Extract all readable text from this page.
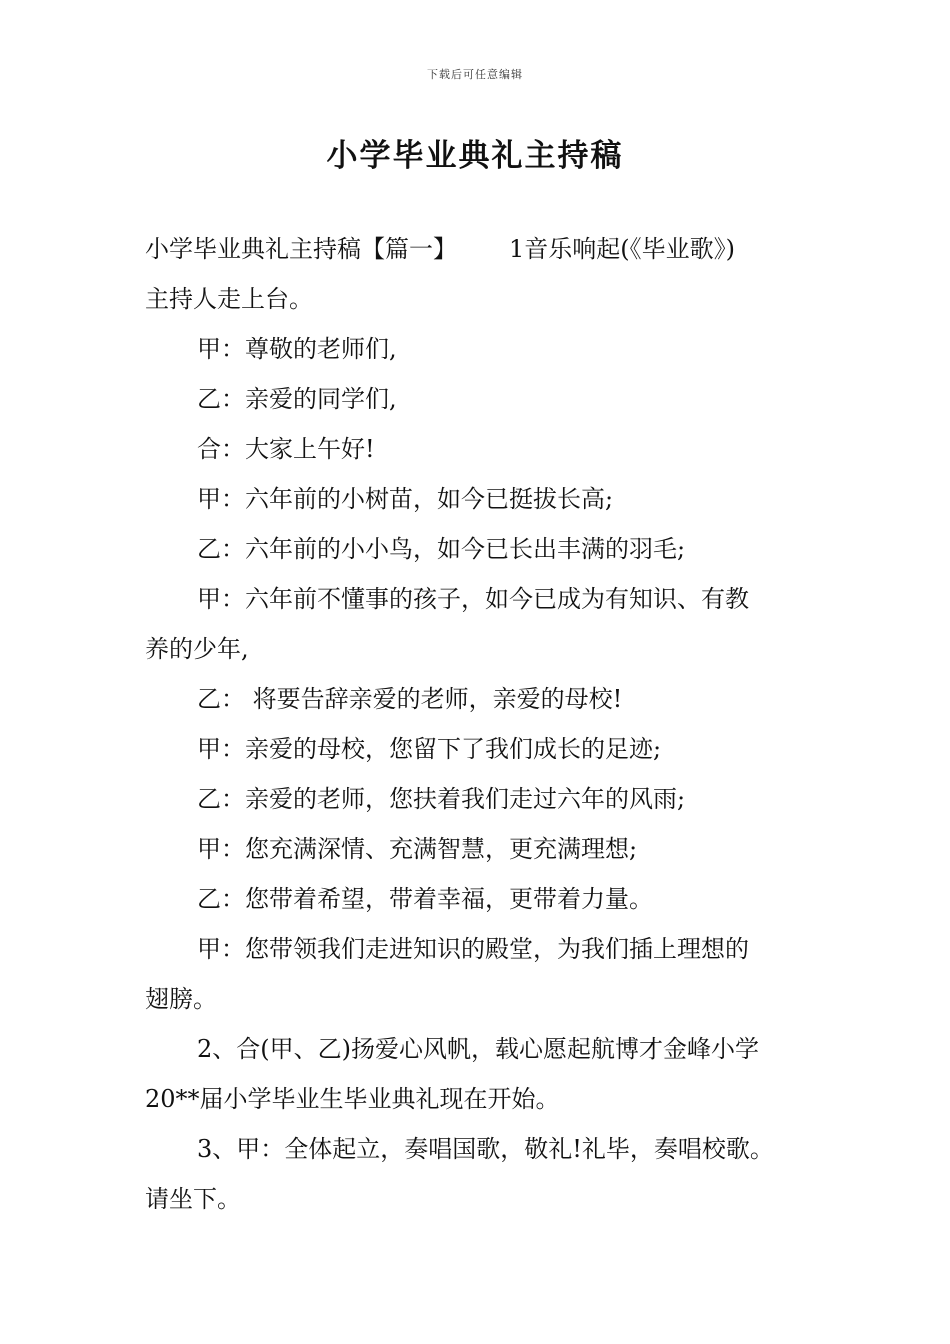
下载后可任意编辑
小学毕业典礼主持稿
小学毕业典礼主持稿【篇一】 1音乐响起(《毕业歌》)
主持人走上台。
甲：尊敬的老师们,
乙：亲爱的同学们,
合：大家上午好!
甲：六年前的小树苗，如今已挺拔长高;
乙：六年前的小小鸟，如今已长出丰满的羽毛;
甲：六年前不懂事的孩子，如今已成为有知识、有教
养的少年,
乙： 将要告辞亲爱的老师，亲爱的母校!
甲：亲爱的母校，您留下了我们成长的足迹;
乙：亲爱的老师，您扶着我们走过六年的风雨;
甲：您充满深情、充满智慧，更充满理想;
乙：您带着希望，带着幸福，更带着力量。
甲：您带领我们走进知识的殿堂，为我们插上理想的
翅膀。
2、合(甲、乙)扬爱心风帆，载心愿起航博才金峰小学
20**届小学毕业生毕业典礼现在开始。
3、甲：全体起立，奏唱国歌，敬礼!礼毕，奏唱校歌。
请坐下。
